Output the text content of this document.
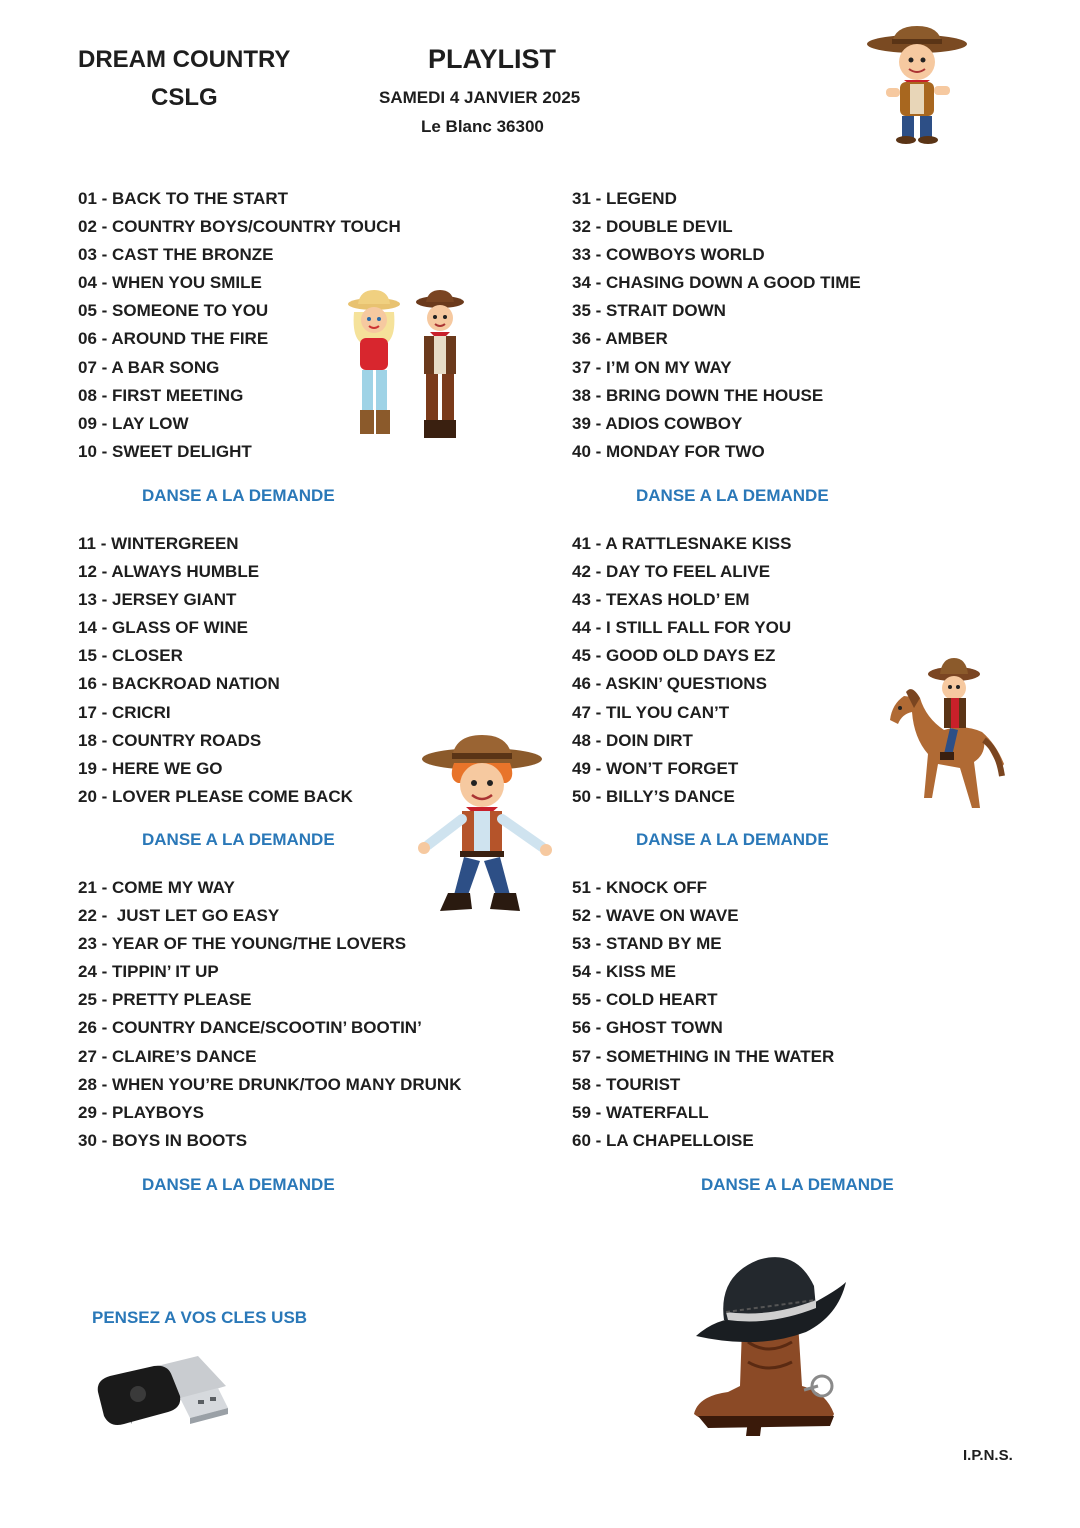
DREAM COUNTRY
CSLG
PLAYLIST
SAMEDI 4 JANVIER 2025
Le Blanc 36300
01 - BACK TO THE START
02 - COUNTRY BOYS/COUNTRY TOUCH
03 - CAST THE BRONZE
04 - WHEN YOU SMILE
05 - SOMEONE TO YOU
06 - AROUND THE FIRE
07 - A BAR SONG
08 - FIRST MEETING
09 - LAY LOW
10 - SWEET DELIGHT
DANSE A LA DEMANDE
11 - WINTERGREEN
12 - ALWAYS HUMBLE
13 - JERSEY GIANT
14 - GLASS OF WINE
15 - CLOSER
16 - BACKROAD NATION
17 - CRICRI
18 - COUNTRY ROADS
19 - HERE WE GO
20 - LOVER PLEASE COME BACK
DANSE A LA DEMANDE
21 - COME MY WAY
22 -  JUST LET GO EASY
23 - YEAR OF THE YOUNG/THE LOVERS
24 - TIPPIN’ IT UP
25 - PRETTY PLEASE
26 - COUNTRY DANCE/SCOOTIN’ BOOTIN’
27 - CLAIRE’S DANCE
28 - WHEN YOU’RE DRUNK/TOO MANY DRUNK
29 - PLAYBOYS
30 - BOYS IN BOOTS
DANSE A LA DEMANDE
31 - LEGEND
32 - DOUBLE DEVIL
33 - COWBOYS WORLD
34 - CHASING DOWN A GOOD TIME
35 - STRAIT DOWN
36 - AMBER
37 - I’M ON MY WAY
38 - BRING DOWN THE HOUSE
39 - ADIOS COWBOY
40 - MONDAY FOR TWO
DANSE A LA DEMANDE
41 - A RATTLESNAKE KISS
42 - DAY TO FEEL ALIVE
43 - TEXAS HOLD’ EM
44 - I STILL FALL FOR YOU
45 - GOOD OLD DAYS EZ
46 - ASKIN’ QUESTIONS
47 - TIL YOU CAN’T
48 - DOIN DIRT
49 - WON’T FORGET
50 - BILLY’S DANCE
DANSE A LA DEMANDE
51 - KNOCK OFF
52 - WAVE ON WAVE
53 - STAND BY ME
54 - KISS ME
55 - COLD HEART
56 - GHOST TOWN
57 - SOMETHING IN THE WATER
58 - TOURIST
59 - WATERFALL
60 - LA CHAPELLOISE
DANSE A LA DEMANDE
PENSEZ A VOS CLES USB
I.P.N.S.
